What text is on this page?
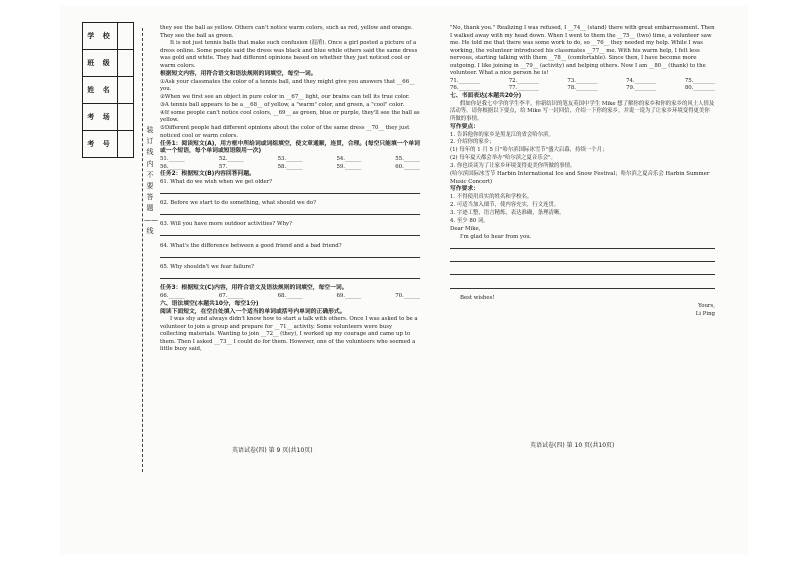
学 校
班 级
姓 名
考 场
考 号
装 订 线 内 不 要 答 题 —— 线

they see the ball as yellow. Others can't notice warm colors, such as red, yellow and orange. They see the ball as green.

It is not just tennis balls that make such confusion (混淆). Once a girl posted a picture of a dress online. Some people said the dress was black and blue while others said the same dress was gold and white. They had different opinions based on whether they just noticed cool or warm colors.

根据短文内容，用符合语文和语法规则的词填空，每空一词。

①Ask your classmates the color of a tennis ball, and they might give you answers that __66__ you.

②When we first see an object in pure color in __67__ light, our brains can tell its true color.

③A tennis ball appears to be a __68__ of yellow, a "warm" color, and green, a "cool" color.

④If some people can't notice cool colors, __69__ as green, blue or purple, they'll see the ball as yellow.

⑤Different people had different opinions about the color of the same dress __70__ they just noticed cool or warm colors.

任务1：阅读短文(A)，用方框中所给词或词组填空，使文章通顺，连贯，合理。(每空只能填一个单词或一个短语，每个单词或短语限用一次)

51.______	52.______	53.______	54.______	55.______
56.______	57.______	58.______	59.______	60.______

任务2：根据短文(B)内容回答问题。

61. What do we wish when we get older?

62. Before we start to do something, what should we do?

63. Will you have more outdoor activities? Why?

64. What's the difference between a good friend and a bad friend?

65. Why shouldn't we fear failure?

任务3：根据短文(C)内容，用符合语文及语法规则的词填空，每空一词。

66.______	67.______	68.______	69.______	70.______

六、语法填空(本题共10分，每空1分)

阅读下面短文，在空白处填入一个适当的单词或括号内单词的正确形式。

I was shy and always didn't know how to start a talk with others. Once I was asked to be a volunteer to join a group and prepare for __71__ activity. Some volunteers were busy collecting materials. Wanting to join __72__ (they), I worked up my courage and came up to them. Then I asked __73__ I could do for them. However, one of the volunteers who seemed a little busy said,

英语试卷(四) 第 9 页(共10页)

"No, thank you." Realizing I was refused, I __74__ (stand) there with great embarrassment. Then I walked away with my head down. When I went to them the __75__ (two) time, a volunteer saw me. He told me that there was some work to do, so __76__ they needed my help. While I was working, the volunteer introduced his classmates __77__ me. With his warm help, I felt less nervous, starting talking with them __78__ (comfortable). Since then, I have become more outgoing. I like joining in __79__ (activity) and helping others. Now I am __80__ (thank) to the volunteer. What a nice person he is!

71.________	72.________	73.________	74.________	75.________
76.________	77.________	78.________	79.________	80.________

七、书面表达(本题共20分)

假如你是我七中学的学生李平，你新结识的笔友英国中学生 Mike 想了解你的家乡和你的家乡的风土人情及活动等。请你根据以下要点，给 Mike 写一封回信，介绍一下你的家乡，并说一说为了让家乡环境变得更美你所做的事情。

写作要点：

1. 告诉他你的家乡是黑龙江的省会哈尔滨。

2. 介绍你的家乡；

(1) 每年的 1 月 5 日"哈尔滨国际冰雪节"盛大启幕，持续一个月；

(2) 每年夏天都会举办"哈尔滨之夏音乐会"。

3. 你也谈谈为了让家乡环境变得更美你所做的事情。

(哈尔滨国际冰雪节 Harbin International Ice and Snow Festival；哈尔滨之夏音乐会 Harbin Summer Music Concert)

写作要求：

1. 不得使用真实的姓名和学校名。

2. 可适当加入细节，使内容充实，行文连贯。

3. 字迹工整，语言精炼，表达准确，条理清晰。

4. 至少 80 词。

Dear Mike,

I'm glad to hear from you.

Best wishes!

Yours,

Li Ping

英语试卷(四) 第 10 页(共10页)
